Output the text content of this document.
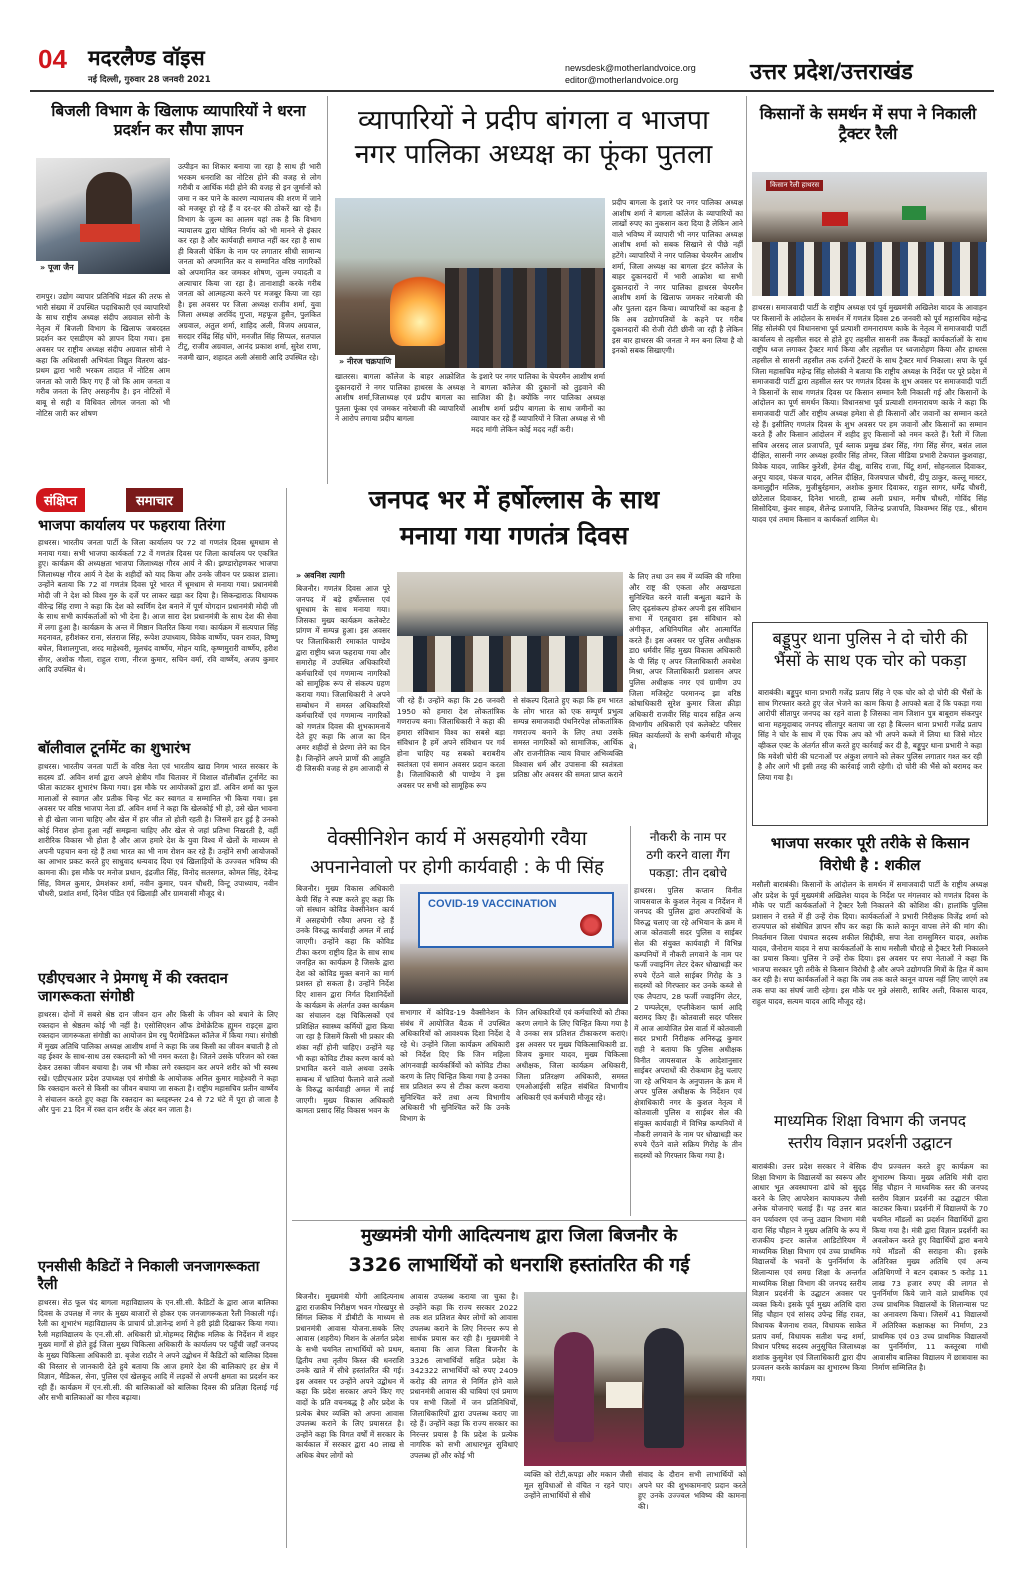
04 मदरलैण्ड वॉइस
नई दिल्ली, गुरुवार 28 जनवरी 2021
newsdesk@motherlandvoice.org
editor@motherlandvoice.org	उत्तर प्रदेश/उत्तराखंड
बिजली विभाग के खिलाफ व्यापारियों ने धरना प्रदर्शन कर सौपा ज्ञापन
» पूजा जैन
रामपुर। उद्योग व्यापार प्रतिनिधि मंडल की तरफ से भारी संख्या में उपस्थित पदाधिकारी एवं व्यापारियों के साथ राष्ट्रीय अध्यक्ष संदीप अग्रवाल सोनी के नेतृत्व में बिजली विभाग के खिलाफ जबरदस्त प्रदर्शन कर एसडीएम को ज्ञापन दिया गया। इस अवसर पर राष्ट्रीय अध्यक्ष संदीप अग्रवाल सोनी ने कहा कि अधिशासी अभियंता विद्युत वितरण खंड- प्रथम द्वारा भारी भरकम तादात में नोटिस आम जनता को जारी किए गए हैं जो कि आम जनता व गरीब जनता के लिए असहनीय है। इन नोटिसों में बाबू से सही व विधिवत लोगल जनता को भी नोटिस जारी कर शोषण
उत्पीड़न का शिकार बनाया जा रहा है साथ ही भारी भरकम धनराशि का नोटिस होने की वजह से लोग गरीबी व आर्थिक मंदी होने की वजह से इन जुर्मानों को जमा न कर पाने के कारण न्यायालय की शरण में जाने को मजबूर हो रहे हैं व दर-दर की ठोकरें खा रहे हैं। विभाग के जुल्म का आलम यहां तक है कि विभाग न्यायालय द्वारा घोषित निर्णय को भी मानने से इंकार कर रहा है और कार्यवाही समाप्त नहीं कर रहा है साथ ही बिजली चेकिंग के नाम पर लगातार सीधी सामान्य जनता को अपमानित कर व सम्मानित वरिष्ठ नागरिकों को अपमानित कर जमकर शोषण, जुल्म ज्यादती व अत्याचार किया जा रहा है। तानाशाही करके गरीब जनता को आत्महत्या करने पर मजबूर किया जा रहा है। इस अवसर पर जिला अध्यक्ष राजीव शर्मा, युवा जिला अध्यक्ष अरविंद गुप्ता, महफूज हुसैन, पुलकित अग्रवाल, अतुल शर्मा, शाहिद अली, विजय अग्रवाल, सरदार रविंद्र सिंह घोंगे, मनजीत सिंह सिप्पल, सतपाल टीटू, राजीव अग्रवाल, आनंद प्रकाश शर्मा, सुरेश राणा, नजमी खान, शहादत अली अंसारी आदि उपस्थित रहे।
व्यापारियों ने प्रदीप बांगला व भाजपा नगर पालिका अध्यक्ष का फूंका पुतला
» नीरज चक्रपाणि
खातरस। बागला कॉलेज के बाहर आक्रोशित दुकानदारों ने नगर पालिका हाथरस के अध्यक्ष आशीष शर्मा,जिलाध्यक्ष एवं प्रदीप बागला का पुतला फूंका एवं जमकर नारेबाजी की व्यापारियों ने आरोप लगाया प्रदीप बागला
के इशारे पर नगर पालिका के चेयरमैन आशीष शर्मा ने बागला कॉलेज की दुकानों को तुड़वाने की साजिश की है। क्योंकि नगर पालिका अध्यक्ष आशीष शर्मा प्रदीप बागला के साथ जमीनों का व्यापार कर रहे हैं व्यापारियों ने जिला अध्यक्ष से भी मदद मांगी लेकिन कोई मदद नहीं करी।
प्रदीप बागला के इशारे पर नगर पालिका अध्यक्ष आशीष शर्मा ने बागला कॉलेज के व्यापारियों का लाखों रुपए का नुकसान करा दिया है लेकिन आने वाले भविष्य में व्यापारी भी नगर पालिका अध्यक्ष आशीष शर्मा को सबक सिखाने से पीछे नहीं हटेंगे। व्यापारियों ने नगर पालिका चेयरमैन आशीष शर्मा, जिला अध्यक्ष का बागला इंटर कॉलेज के बाहर दुकानदारों में भारी आक्रोश था सभी दुकानदारों ने नगर पालिका हाथरस चेयरमैन आशीष शर्मा के खिलाफ जमकर नारेबाजी की और पुतला दहन किया। व्यापारियों का कहना है कि अब उद्योगपतियों के कहने पर गरीब दुकानदारों की रोजी रोटी छीनी जा रही है लेकिन इस बार हाथरस की जनता ने मन बना लिया है वो इनको सबक सिखाएगी।
किसानों के समर्थन में सपा ने निकाली ट्रैक्टर रैली
किसान रैली हाथरस
हाथरस। समाजवादी पार्टी के राष्ट्रीय अध्यक्ष एवं पूर्व मुख्यमंत्री अखिलेश यादव के आवाहन पर किसानों के आंदोलन के समर्थन में गणतंत्र दिवस 26 जनवरी को पूर्व महासचिव महेन्द्र सिंह सोलंकी एवं विधानसभा पूर्व प्रत्याशी रामनारायण काके के नेतृत्व में समाजवादी पार्टी कार्यालय से तहसील सदर से होते हुए तहसील सासनी तक कैंकड़ों कार्यकर्ताओं के साथ राष्ट्रीय ध्वज लगाकर ट्रैक्टर मार्च किया और तहसील पर ध्वजारोहण किया और हाथरस तहसील से सासनी तहसील तक दर्जनों ट्रैक्टरों के साथ ट्रैक्टर मार्च निकाला। सपा के पूर्व जिला महासचिव महेन्द्र सिंह सोलंकी ने बताया कि राष्ट्रीय अध्यक्ष के निर्देश पर पूरे प्रदेश में समाजवादी पार्टी द्वारा तहसील स्तर पर गणतंत्र दिवस के शुभ अवसर पर समाजवादी पार्टी ने किसानों के साथ गणतंत्र दिवस पर किसान सम्मान रैली निकाली गई और किसानों के आंदोलन का पूर्ण समर्थन किया। विधानसभा पूर्व प्रत्याशी रामनारायण काके ने कहा कि समाजवादी पार्टी और राष्ट्रीय अध्यक्ष हमेशा से ही किसानों और जवानों का सम्मान करते रहे हैं। इसीलिए गणतंत्र दिवस के शुभ अवसर पर हम जवानों और किसानों का सम्मान करते हैं और किसान आंदोलन में शहीद हुए किसानों को नमन करते हैं। रैली में जिला सचिव अरसद लाल प्रजापति, पूर्व ब्लाक प्रमुख डंबर सिंह, गंगा सिंह सेंगर, बसंत लाल दीक्षित, सासनी नगर अध्यक्ष हरवीर सिंह तोमर, जिला मीडिया प्रभारी टेकपाल कुशवाहा, विवेक यादव, जाकिर कुरेशी, हेमंत दीक्षु, वासिद राजा, चिंटू शर्मा, सोहनलाल दिवाकर, अनूप यादव, पंकज यादव, अनिल दीक्षित, विजयपाल चौधरी, दीपू ठाकुर, कल्लू मास्टर, कमालुद्दीन मलिक, मुजीबुर्रहमान, अशोक कुमार दिवाकर, राहुल सागर, धर्मेंद्र चौधरी, छोटेलाल दिवाकर, दिनेश भारती, हाब्ब अली प्रधान, मनीष चौधरी, गोविंद सिंह सिसोदिया, कुंवर साहब, शैलेन्द्र प्रजापति, जितेन्द्र प्रजापति, विश्वम्भर सिंह एड., श्रीराम यादव एवं तमाम किसान व कार्यकर्ता शामिल थे।
संक्षिप्त	समाचार
भाजपा कार्यालय पर फहराया तिरंगा
हाथरस। भारतीय जनता पार्टी के जिला कार्यालय पर 72 वां गणतंत्र दिवस धूमधाम से मनाया गया। सभी भाजपा कार्यकर्ता 72 वें गणतंत्र दिवस पर जिला कार्यालय पर एकत्रित हुए। कार्यक्रम की अध्यक्षता भाजपा जिलाध्यक्ष गौरव आर्य ने की। झण्डारोहणकर भाजपा जिलाध्यक्ष गौरव आर्य ने देश के शहीदों को याद किया और उनके जीवन पर प्रकाश डाला। उन्होंने बताया कि 72 वां गणतंत्र दिवस पूरे भारत में धूमधाम से मनाया गया। प्रधानमंत्री मोदी जी ने देश को विश्व गुरु के दर्जे पर लाकर खड़ा कर दिया है। सिकन्द्राराऊ विधायक वीरेन्द्र सिंह राणा ने कहा कि देश को स्वर्णिम देश बनाने में पूर्ण योगदान प्रधानमंत्री मोदी जी के साथ सभी कार्यकर्ताओं को भी देना है। आज सारा देश प्रधानमंत्री के साथ देश की सेवा में लगा हुआ है। कार्यक्रम के अन्त में मिष्ठान वितरित किया गया। कार्यक्रम में सत्यपाल सिंह मदनावत, हरीशंकर राना, संतराज सिंह, रूपेश उपाध्याय, विवेक वार्ष्णेय, पवन रावत, विष्णु बघेल, विशालगुप्ता, शरद माहेश्वरी, मूलचंद वार्ष्णेय, मोहन यादि, कृष्णमुरारी वार्ष्णेय, हरीश सेंगर, अशोक गौला, राहुल राणा, नीरज कुमार, सचिन वर्मा, रवि वार्ष्णेय, अजय कुमार आदि उपस्थित थे।
बॉलीवाल टूर्नामेंट का शुभारंभ
हाथरस। भारतीय जनता पार्टी के वरिष्ठ नेता एवं भारतीय खाद्य निगम भारत सरकार के सदस्य डॉ. अविन शर्मा द्वारा अपने क्षेत्रीय गाँव चितावर में विशाल वॉलीबॉल टूर्नामेंट का फीता काटकर शुभारंभ किया गया। इस मौके पर आयोजकों द्वारा डॉ. अविन शर्मा का फूल मालाओं से स्वागत और प्रतीक चिन्ह भेंट कर स्वागत व सम्मानित भी किया गया। इस अवसर पर वरिष्ठ भाजपा नेता डॉ. अविन शर्मा ने कहा कि खेलकोई भी हो, उसे खेल भावना से ही खेला जाना चाहिए और खेल में हार जीत तो होती रहती है। जिसमें हार हुई है उनको कोई निराश होना हुआ नहीं समझना चाहिए और खेल से जहां प्रतिभा निखरती है, वहीं शारीरिक विकास भी होता है और आज हमारे देश के युवा विश्व में खेलों के माध्यम से अपनी पहचान बना रहे हैं तथा भारत का भी नाम रोशन कर रहे हैं। उन्होंने सभी आयोजकों का आभार प्रकट करते हुए साधुवाद धन्यवाद दिया एवं खिलाड़ियों के उज्ज्वल भविष्य की कामना की। इस मौके पर मनोज प्रधान, इंद्रजीत सिंह, विनोद सतसगत, कोमल सिंह, देवेन्द्र सिंह, विमल कुमार, प्रेमशंकर शर्मा, नवीन कुमार, पवन चौधरी, विन्टू उपाध्याय, नवीन चौधरी, प्रशांत शर्मा, दिनेश पंडित एवं खिलाड़ी और ग्रामवासी मौजूद थे।
एडीएचआर ने प्रेमगधृ में की रक्तदान जागरूकता संगोष्ठी
हाथरस। दोनों में सबसे श्रेष्ठ दान जीवन दान और किसी के जीवन को बचाने के लिए रक्तदान से श्रेष्ठतम कोई भी नहीं है। एसोसिएशन ऑफ डेमोक्रेटिक ह्यूमन राइट्स द्वारा रक्तदान जागरूकता संगोष्ठी का आयोजन प्रेम रघु पैरामेडिकल कॉलेज में किया गया। संगोष्ठी में मुख्य अतिथि पालिका अध्यक्ष आशीष शर्मा ने कहा कि जब किसी का जीवन बचाती है तो वह ईश्वर के साथ-साथ उस रक्तदानी को भी नमन करता है। जितने उसके परिजन को रक्त देकर उसका जीवन बचाया है। जब भी मौका लगे रक्तदान कर अपने शरीर को भी स्वस्थ रखें। एडीएचआर प्रदेश उपाध्यक्ष एवं संगोष्ठी के आयोजक अनिल कुमार माहेश्वरी ने कहा कि रक्तदान करने से किसी का जीवन बचाया जा सकता है। राष्ट्रीय महासचिव प्रतीन वार्ष्णेय ने संचालन करते हुए कहा कि रक्तदान का ब्लड्स्प्लर 24 से 72 घंटे में पूरा हो जाता है और पुनः 21 दिन में रक्त दान शरीर के अंदर बन जाता है।
एनसीसी कैडिटों ने निकाली जनजागरूकता रैली
हाथरस। सेठ फूल चंद बागला महाविद्यालय के एन.सी.सी. कैडिटों के द्वारा आज बालिका दिवस के उपलक्ष में नगर के मुख्य बाजारों से होकर एक जनजागरूकता रैली निकाली गई। रैली का शुभारंभ महाविद्यालय के प्राचार्य प्रो.ज्ञानेन्द्र शर्मा ने हरी झंडी दिखाकर किया गया। रैली महाविद्यालय के एन.सी.सी. अधिकारी प्रो.मोहम्मद सिद्दीक मलिक के निर्देशन में शहर मुख्य मार्गों से होते हुई जिला मुख्य चिकित्सा अधिकारी के कार्यालय पर पहुँची जहाँ जनपद के मुख्य चिकित्सा अधिकारी डा. बृजेश राठौर ने अपने उद्बोधन में कैडिटों को बालिका दिवस की विस्तार से जानकारी देते हुये बताया कि आज हमारे देश की बालिकाएं हर क्षेत्र में विज्ञान, मैडिकल, सेना, पुलिस एवं खेलकूद आदि में लड़कों से अपनी क्षमता का प्रदर्शन कर रही हैं। कार्यक्रम में एन.सी.सी. की बालिकाओं को बालिका दिवस की प्रतिज्ञा दिलाई गई और सभी बालिकाओं का गौरव बढ़ाया।
जनपद भर में हर्षोल्लास के साथ
मनाया गया गणतंत्र दिवस
» अवनिश त्यागी
बिजनौर। गणतंत्र दिवस आज पूरे जनपद में बड़े हर्षोल्लास एवं धूमधाम के साथ मनाया गया। जिसका मुख्य कार्यक्रम कलेक्टेट प्रांगण में सम्पन्न हुआ। इस अवसर पर जिलाधिकारी रमाकांत पाण्डेय द्वारा राष्ट्रीय ध्वज फहराया गया और समारोह में उपस्थित अधिकारियों कर्मचारियों एवं गणमान्य नागरिकों को सामूहिक रूप से संकल्प ग्रहण कराया गया। जिलाधिकारी ने अपने सम्बोधन में समस्त अधिकारियों कर्मचारियों एवं गणमान्य नागरिकों को गणतंत्र दिवस की शुभकामनायें देते हुए कहा कि आज का दिन अमर शहीदों से प्रेरणा लेने का दिन है। जिन्होंने अपने प्राणों की आहुति दी जिसकी वजह से हम आजादी से
जी रहे हैं। उन्होंने कहा कि 26 जनवरी 1950 को हमारा देश लोकतांत्रिक गणराज्य बना। जिलाधिकारी ने कहा की हमारा संविधान विश्व का सबसे बड़ा संविधान है हमें अपने संविधान पर गर्व होना चाहिए यह सबको बराबरीय स्वतंत्रता एवं समान अवसर प्रदान करता है। जिलाधिकारी श्री पाण्डेय ने इस अवसर पर सभी को सामूहिक रूप
से संकल्प दिलाते हुए कहा कि हम भारत के लोग भारत को एक सम्पूर्ण प्रभुत्व सम्पन्न समाजवादी पंथनिरपेक्ष लोकतांत्रिक गणराज्य बनाने के लिए तथा उसके समस्त नागरिकों को सामाजिक, आर्थिक और राजनीतिक न्याय विचार अभिव्यक्ति विश्वास धर्म और उपासना की स्वतंत्रता प्रतिष्ठा और अवसर की समता प्राप्त कराने
के लिए तथा उन सब में व्यक्ति की गरिमा और राष्ट्र की एकता और अखण्डता सुनिश्चित करने वाली बन्धुता बढाने के लिए दृढ़संकल्प होकर अपनी इस संविधान सभा में एतद्द्वारा इस संविधान को अंगीकृत, अधिनियमित और आत्मार्पित करते हैं। इस अवसर पर पुलिस अधीक्षक डा0 धर्मवीर सिंह मुख्य विकास अधिकारी के पी सिंह ए अपर जिलाधिकारी अवधेश मिश्रा, अपर जिलाधिकारी प्रशासन अपर पुलिस अधीक्षक नगर एवं ग्रामीण उप जिला मजिस्ट्रेट परमानन्द झा वरिष्ठ कोषाधिकारी सुरेश कुमार जिला क्रीड़ा अधिकारी राजवीर सिंह यादव सहित अन्य विभागीय अधिकारी एवं कलेक्टेट परिसर स्थित कार्यालयों के सभी कर्मचारी मौजूद थे।
वेक्सीनिशेन कार्य में असहयोगी रवैया
अपनानेवालो पर होगी कार्यवाही : के पी सिंह
बिजनौर। मुख्य विकास अधिकारी केपी सिंह ने स्पष्ट करते हुए कहा कि जो संस्थान कोविड वेक्सीनेशन कार्य में असहयोगी रवैया अपना रहे हैं उनके विरुद्ध कार्यवाही अमल में लाई जाएगी। उन्होंने कहा कि कोविड टीका करण राष्ट्रीय हित के साथ साथ जनहित का कार्यक्रम है जिसके द्वारा देश को कोविड मुक्त बनाने का मार्ग प्रशस्त हो सकता है। उन्होंने निर्देश दिए शासन द्वारा निर्गत दिशानिर्देशों के कार्यक्रम के अंतर्गत उक्त कार्यक्रम का संचालन दक्ष चिकित्सकों एवं प्रशिक्षित स्वास्थ्य कर्मियों द्वारा किया जा रहा है जिसमें किसी भी प्रकार की शंका नहीं होनी चाहिए। उन्होंने यह भी कहा कोविड टीका करण कार्य को प्रभावित करने वाले अथवा उसके सम्बन्ध में भ्रांतियां फैलाने वाले तत्वों के विरुद्ध कार्यवाही अमल में लाई जाएगी। मुख्य विकास अधिकारी कामता प्रसाद सिंह विकास भवन के
COVID-19 VACCINATION
सभागार में कोविड-19 वैक्सीनेशन के संबंध में आयोजित बैठक में उपस्थित अधिकारियों को आवश्यक दिशा निर्देश दे रहे थे। उन्होंने जिला कार्यक्रम अधिकारी को निर्देश दिए कि जिन महिला आंगनवाड़ी कार्यकर्त्रियों को कोविड टीका करण के लिए चिन्हित किया गया है उनका सत्र प्रतिशत रूप से टीका करण कराया सुनिश्चित करें तथा अन्य विभागीय अधिकारी भी सुनिश्चित करें कि उनके विभाग के
जिन अधिकारियों एवं कर्मचारियों को टीका करण लगाने के लिए चिन्हित किया गया है वे उनका सत्र प्रतिशत टीकाकरण कराएं। इस अवसर पर मुख्य चिकित्साधिकारी डा. विजय कुमार यादव, मुख्य चिकित्सा अधीक्षक, जिला कार्यक्रम अधिकारी, जिला प्रतिरक्षण अधिकारी, समस्त एमओआईसी सहित संबंधित विभागीय अधिकारी एवं कर्मचारी मौजूद रहे।
नौकरी के नाम पर
ठगी करने वाला गैंग
पकड़ा: तीन दबोचे
हाथरस। पुलिस कप्तान विनीत जायसवाल के कुशल नेतृत्व व निर्देशन में जनपद की पुलिस द्वारा अपराधियों के विरुद्ध चलाए जा रहे अभियान के क्रम में आज कोतवाली सदर पुलिस व साईबर सेल की संयुक्त कार्यवाही में विभिन्न कम्पनियों में नौकरी लगवाने के नाम पर फर्जी ज्वाइनिंग लेटर देकर धोखाधड़ी कर रुपये ऐंठने वाले साईबर गिरोह के 3 सदस्यों को गिरफ्तार कर उनके कब्जे से एक लैपटाप, 28 फर्जी ज्वाइनिंग लेटर, 2 पम्पलेट्स, एप्लीकेशन फार्म आदि बरामद किए हैं। कोतवाली सदर परिसर में आज आयोजित प्रेस वार्ता में कोतवाली सदर प्रभारी निरीक्षक अनिरुद्ध कुमार राही ने बताया कि पुलिस अधीक्षक विनीत जायसवाल के आदेशानुसार साईबर अपराधों की रोकथाम हेतु चलाए जा रहे अभियान के अनुपालन के क्रम में अपर पुलिस अधीक्षक के निर्देशन एवं क्षेत्राधिकारी नगर के कुशल नेतृत्व में कोतवाली पुलिस व साईबर सेल की संयुक्त कार्यवाही में विभिन्न कम्पनियों में नौकरी लगवाने के नाम पर धोखाधड़ी कर रुपये ऐंठने वाले सक्रिय गिरोह के तीन सदस्यों को गिरफ्तार किया गया है।
बड्डूपुर थाना पुलिस ने दो चोरी की भैंसों के साथ एक चोर को पकड़ा
बाराबंकी। बड्डूपुर थाना प्रभारी गजेंद्र प्रताप सिंह ने एक चोर को दो चोरी की भैंसों के साथ गिरफ्तार करते हुए जेल भेजने का काम किया है आपको बता दें कि पकड़ा गया आरोपी सीतापुर जनपद का रहने वाला है जिसका नाम जिशान पुत्र बाबूराम संकरपुर थाना महमूदाबाद जनपद सीतापुर बताया जा रहा है बिल्लन थाना प्रभारी गजेंद्र प्रताप सिंह ने चोर के साथ में एक पिक अप को भी अपने कब्जे में लिया था जिसे मोटर व्हीकल एक्ट के अंतर्गत सीज करते हुए कार्रवाई कर दी है, बड्डूपुर थाना प्रभारी ने कहा कि मवेशी चोरी की घटनाओं पर अंकुश लगाने को लेकर पुलिस लगातार गश्त कर रही है और आगे भी इसी तरह की कार्रवाई जारी रहेगी। दो चोरी की भैंसे को बरामद कर लिया गया है।
भाजपा सरकार पूरी तरीके से किसान विरोधी है : शकील
मसौली बाराबंकी। किसानों के आंदोलन के समर्थन में समाजवादी पार्टी के राष्ट्रीय अध्यक्ष और प्रदेश के पूर्व मुख्यमंत्री अखिलेश यादव के निर्देश पर मंगलवार को गणतंत्र दिवस के मौके पर पार्टी कार्यकर्ताओं ने ट्रैक्टर रैली निकालने की कोशिश की। हालांकि पुलिस प्रशासन ने रास्ते में ही उन्हें रोक दिया। कार्यकर्ताओं ने प्रभारी निरीक्षक विजेंद्र शर्मा को राज्यपाल को संबोधित ज्ञापन सौंप कर कहा कि काले कानून वापस लेने की मांग की। निवर्तमान जिला पंचायत सदस्य शकील सिद्दीकी, सपा नेता रामसुमिरन यादव, अशोक यादव, जैनोराम यादव ने सपा कार्यकर्ताओं के साथ मसौली चौराहे से ट्रैक्टर रैली निकालने का प्रयास किया। पुलिस ने उन्हें रोक दिया। इस अवसर पर सपा नेताओं ने कहा कि भाजपा सरकार पूरी तरीके से किसान विरोधी है और अपने उद्योगपति मित्रों के हित में काम कर रही है। सपा कार्यकर्ताओं ने कहा कि जब तक काले कानून वापस नहीं लिए जाएंगे तब तक सपा का संघर्ष जारी रहेगा। इस मौके पर मुन्ने अंसारी, साबिर अली, विकास यादव, राहुल यादव, सत्यम यादव आदि मौजूद रहे।
माध्यमिक शिक्षा विभाग की जनपद
स्तरीय विज्ञान प्रदर्शनी उद्घाटन
बाराबंकी। उत्तर प्रदेश सरकार ने बेसिक शिक्षा विभाग के विद्यालयों का स्वरूप और आधार भूत अवस्थापना ढांचे को सुदृढ़ करने के लिए आपरेशन कायाकल्प जैसी अनेक योजनाएं चलाई हैं। यह उत्तर बात वन पर्यावरण एवं जन्तु उद्यान विभाग मंत्री दारा सिंह चौहान ने मुख्य अतिथि के रूप में राजकीय इन्टर कालेज आडिटोरियम में माध्यमिक शिक्षा विभाग एवं उच्च प्राथमिक विद्यालयों के भवनों के पुनर्निर्माण के शिलान्यास एवं समग्र शिक्षा के अन्तर्गत माध्यमिक शिक्षा विभाग की जनपद स्तरीय विज्ञान प्रदर्शनी के उद्घाटन अवसर पर व्यक्त किये। इसके पूर्व मुख्य अतिथि दारा सिंह चौहान एवं सांसद उपेन्द्र सिंह रावत, विधायक बैजनाथ रावत, विधायक साकेत प्रताप वर्मा, विधायक सतीश चन्द्र शर्मा, विधान परिषद सदस्य अनुसूचित जिलाध्यक्ष शशांक कुसुमेश एवं जिलाधिकारी द्वारा दीप प्रज्वलन करके कार्यक्रम का शुभारम्भ किया गया।
दीप प्रज्वलन करते हुए कार्यक्रम का शुभारम्भ किया। मुख्य अतिथि मंत्री दारा सिंह चौहान ने माध्यमिक स्तर की जनपद स्तरीय विज्ञान प्रदर्शनी का उद्घाटन फीता काटकर किया। प्रदर्शनी में विद्यालयों के 70 चयनित मॉडलों का प्रदर्शन विद्यार्थियों द्वारा किया गया है। मंत्री द्वारा विज्ञान प्रदर्शनी का अवलोकन करते हुए विद्यार्थियों द्वारा बनाये गये मॉडलों की सराहना की। इसके अतिरिक्त मुख्य अतिथि एवं अन्य अतिथिगणों ने बटन दबाकर 5 करोड़ 11 लाख 73 हजार रुपए की लागत से पुनर्निर्माण किये जाने वाले प्राथमिक एवं उच्च प्राथमिक विद्यालयों के शिलान्यास पट का अनावरण किया। जिसमें 41 विद्यालयों में अतिरिक्त कक्षाकक्ष का निर्माण, 23 प्राथमिक एवं 03 उच्च प्राथमिक विद्यालयों का पुनर्निर्माण, 11 कस्तूरबा गांधी आवासीय बालिका विद्यालय में छात्रावास का निर्माण सम्मिलित है।
मुख्यमंत्री योगी आदित्यनाथ द्वारा जिला बिजनौर के
3326 लाभार्थियों को धनराशि हस्तांतरित की गई
बिजनौर। मुख्यमंत्री योगी आदित्यनाथ द्वारा राजकीय निरीक्षण भवन गोरखपुर से सिंगल क्लिक में डीबीटी के माध्यम से प्रधानमंत्री आवास योजना.सबके लिए आवास (शहरीय) मिशन के अंतर्गत प्रदेश के सभी चयनित लाभार्थियों को प्रथम, द्वितीय तथा तृतीय किस्त की धनराशि उनके खाते में सीधे हस्तांतरित की गई। इस अवसर पर उन्होंने अपने उद्बोधन में कहा कि प्रदेश सरकार अपने किए गए वादों के प्रति वचनबद्ध है और प्रदेश के प्रत्येक बेघर व्यक्ति को अपना आवास उपलब्ध कराने के लिए प्रयासरत है। उन्होंने कहा कि विगत वर्षों में सरकार के कार्यकाल में सरकार द्वारा 40 लाख से अधिक बेघर लोगों को
आवास उपलब्ध कराया जा चुका है। उन्होंने कहा कि राज्य सरकार 2022 तक शत प्रतिशत बेघर लोगों को आवास उपलब्ध कराने के लिए निरन्तर रूप से सार्थक प्रयास कर रही है। मुख्यमंत्री ने बताया कि आज जिला बिजनौर के 3326 लाभार्थियों सहित प्रदेश के 342322 लाभार्थियों को रुपए 2409 करोड़ की लागत से निर्मित होने वाले प्रधानमंत्री आवास की चाबियां एवं प्रमाण पत्र सभी जिलों में जन प्रतिनिधियों, जिलाधिकारियों द्वारा उपलब्ध कराए जा रहे हैं। उन्होंने कहा कि राज्य सरकार का निरन्तर प्रयास है कि प्रदेश के प्रत्येक नागरिक को सभी आधारभूत सुविधाएं उपलब्ध हों और कोई भी
व्यक्ति को रोटी,कपड़ा और मकान जैसी मूल सुविधाओं से वंचित न रहने पाए। उन्होंने लाभार्थियों से सीधे
संवाद के दौरान सभी लाभार्थियों को अपने घर की शुभकामनाएं प्रदान करते हुए उनके उज्ज्वल भविष्य की कामना की।
